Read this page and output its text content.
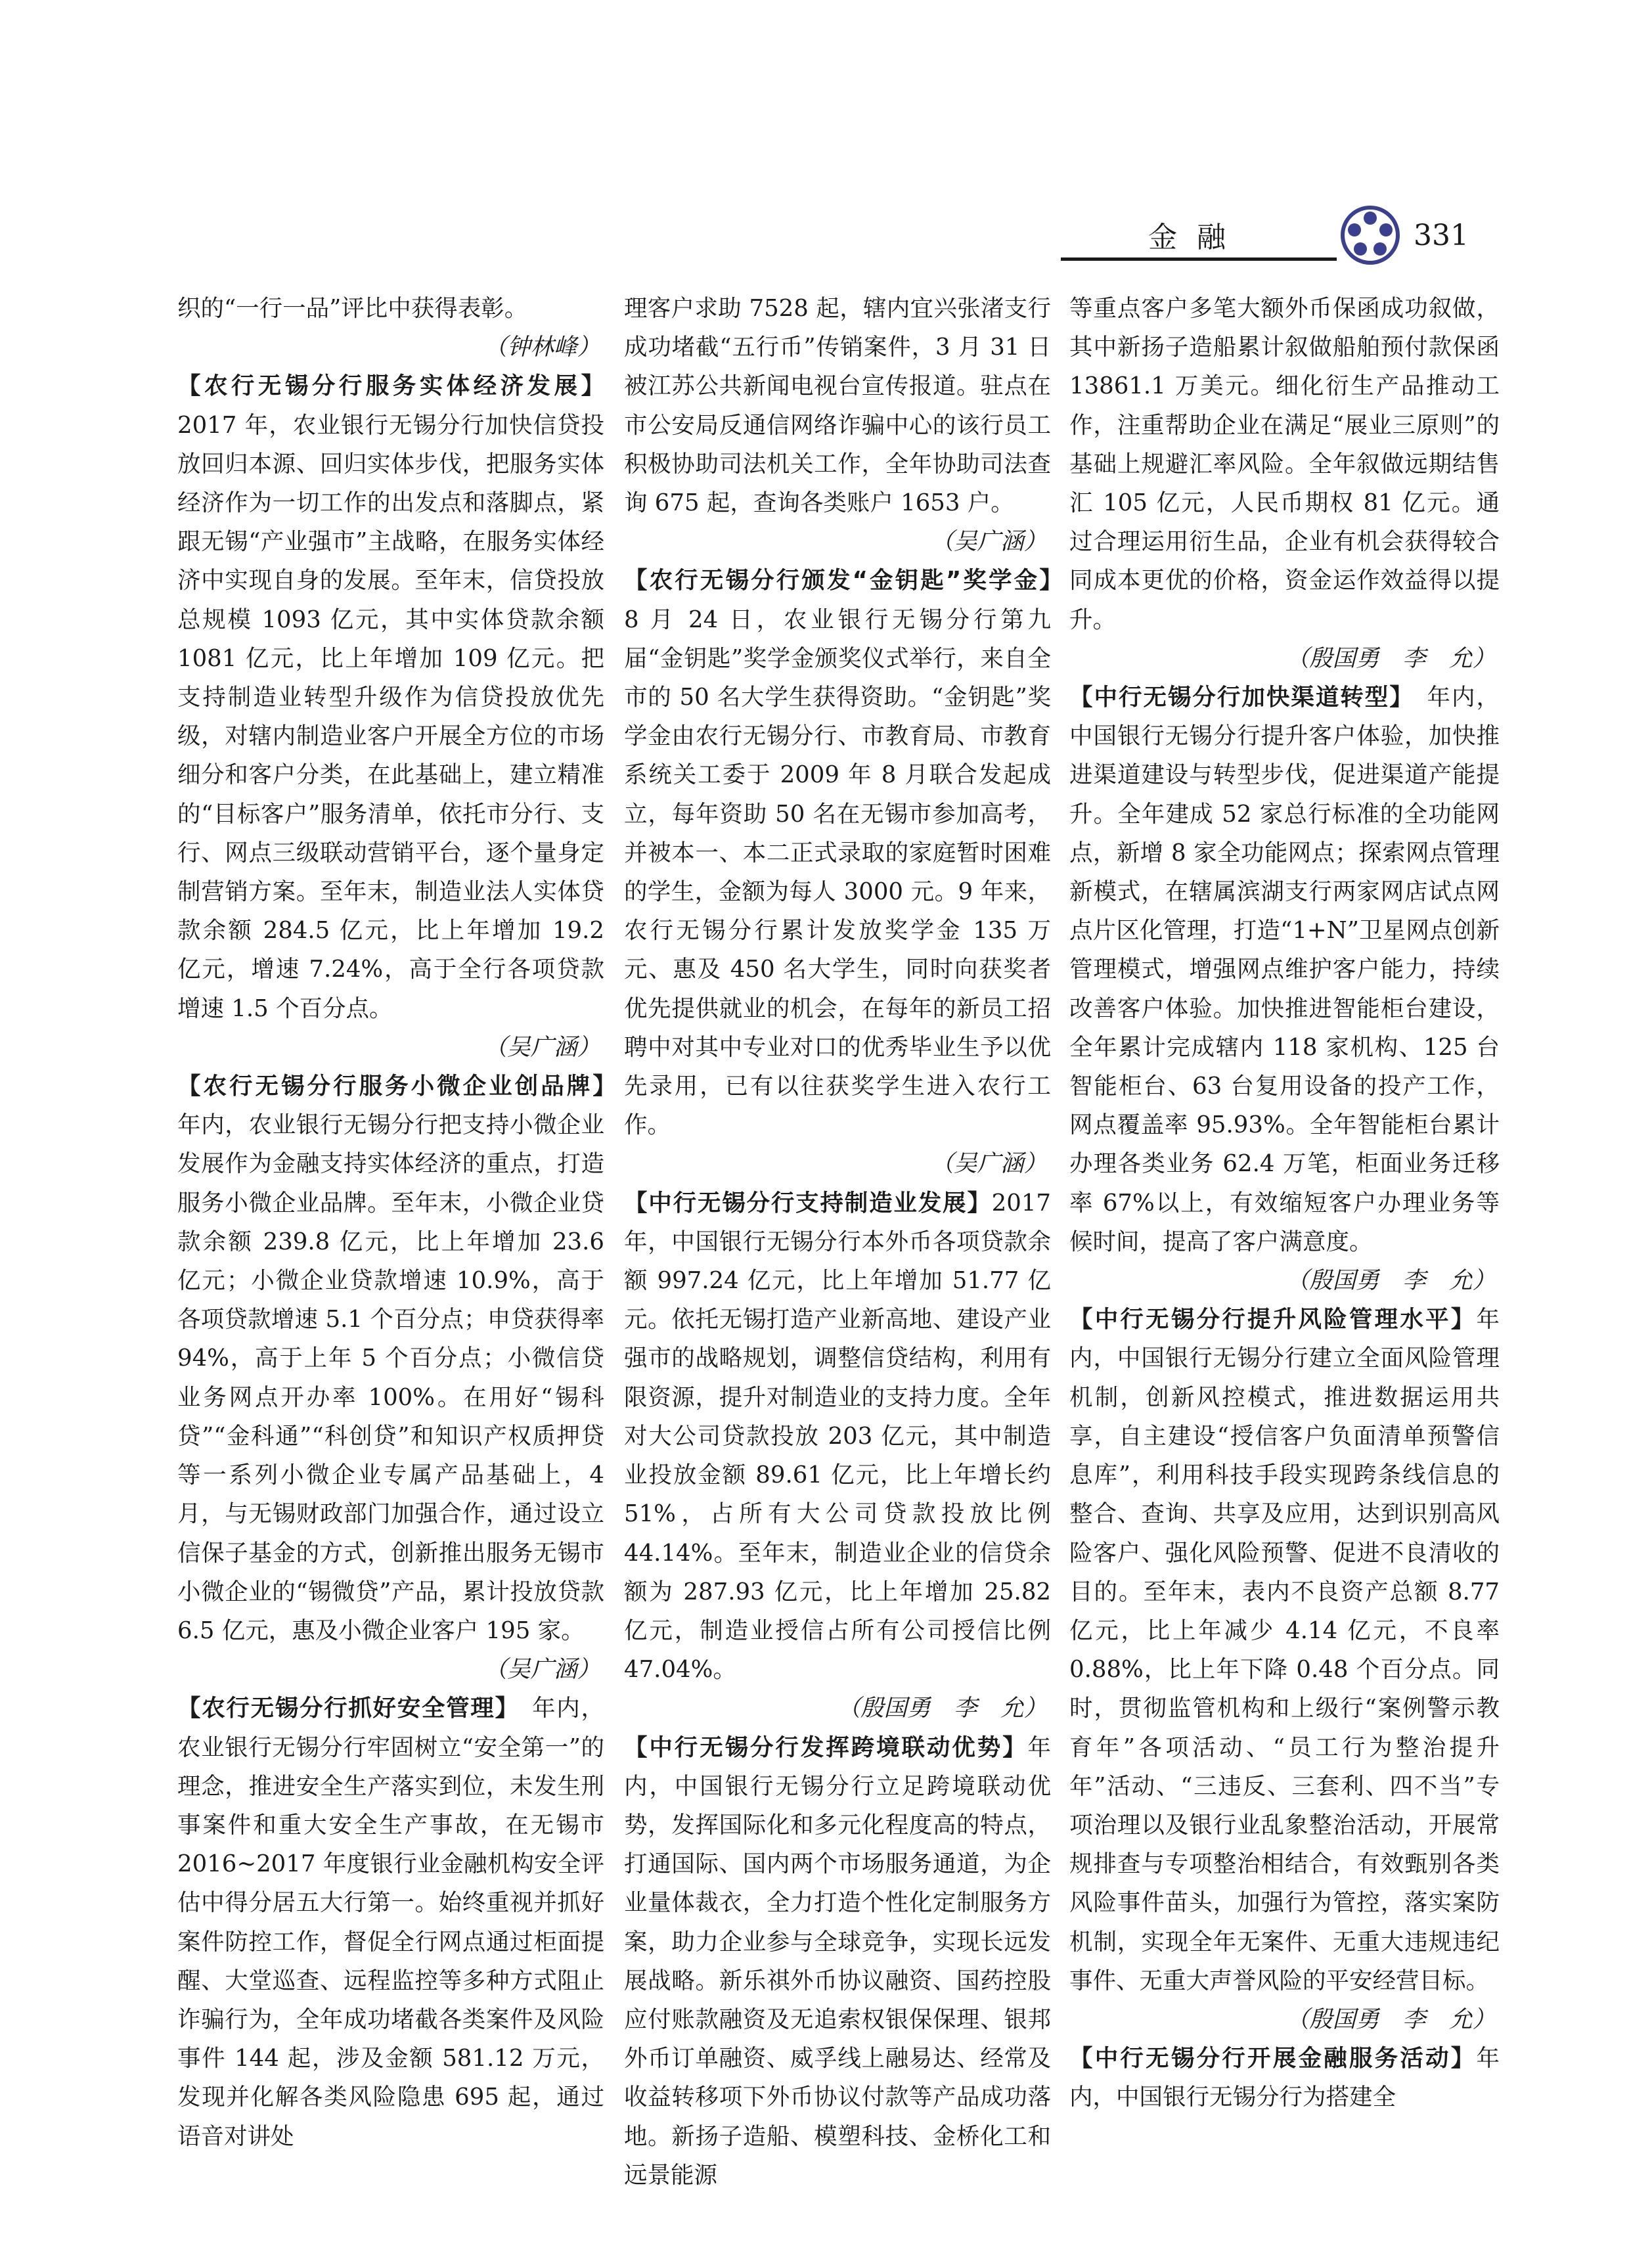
金融	331

织的“一行一品”评比中获得表彰。

（钟林峰）

【农行无锡分行服务实体经济发展】2017 年，农业银行无锡分行加快信贷投放回归本源、回归实体步伐，把服务实体经济作为一切工作的出发点和落脚点，紧跟无锡“产业强市”主战略，在服务实体经济中实现自身的发展。至年末，信贷投放总规模 1093 亿元，其中实体贷款余额 1081 亿元，比上年增加 109 亿元。把支持制造业转型升级作为信贷投放优先级，对辖内制造业客户开展全方位的市场细分和客户分类，在此基础上，建立精准的“目标客户”服务清单，依托市分行、支行、网点三级联动营销平台，逐个量身定制营销方案。至年末，制造业法人实体贷款余额 284.5 亿元，比上年增加 19.2 亿元，增速 7.24%，高于全行各项贷款增速 1.5 个百分点。

（吴广涵）

【农行无锡分行服务小微企业创品牌】　年内，农业银行无锡分行把支持小微企业发展作为金融支持实体经济的重点，打造服务小微企业品牌。至年末，小微企业贷款余额 239.8 亿元，比上年增加 23.6 亿元；小微企业贷款增速 10.9%，高于各项贷款增速 5.1 个百分点；申贷获得率 94%，高于上年 5 个百分点；小微信贷业务网点开办率 100%。在用好“锡科贷”“金科通”“科创贷”和知识产权质押贷等一系列小微企业专属产品基础上，4 月，与无锡财政部门加强合作，通过设立信保子基金的方式，创新推出服务无锡市小微企业的“锡微贷”产品，累计投放贷款 6.5 亿元，惠及小微企业客户 195 家。

（吴广涵）

【农行无锡分行抓好安全管理】　 年内，农业银行无锡分行牢固树立“安全第一”的理念，推进安全生产落实到位，未发生刑事案件和重大安全生产事故，在无锡市 2016~2017 年度银行业金融机构安全评估中得分居五大行第一。始终重视并抓好案件防控工作，督促全行网点通过柜面提醒、大堂巡查、远程监控等多种方式阻止诈骗行为，全年成功堵截各类案件及风险事件 144 起，涉及金额 581.12 万元，发现并化解各类风险隐患 695 起，通过语音对讲处

理客户求助 7528 起，辖内宜兴张渚支行成功堵截“五行币”传销案件，3 月 31 日被江苏公共新闻电视台宣传报道。驻点在市公安局反通信网络诈骗中心的该行员工积极协助司法机关工作，全年协助司法查询 675 起，查询各类账户 1653 户。

（吴广涵）

【农行无锡分行颁发“金钥匙”奖学金】　8 月 24 日，农业银行无锡分行第九届“金钥匙”奖学金颁奖仪式举行，来自全市的 50 名大学生获得资助。“金钥匙”奖学金由农行无锡分行、市教育局、市教育系统关工委于 2009 年 8 月联合发起成立，每年资助 50 名在无锡市参加高考，并被本一、本二正式录取的家庭暂时困难的学生，金额为每人 3000 元。9 年来，农行无锡分行累计发放奖学金 135 万元、惠及 450 名大学生，同时向获奖者优先提供就业的机会，在每年的新员工招聘中对其中专业对口的优秀毕业生予以优先录用，已有以往获奖学生进入农行工作。

（吴广涵）

【中行无锡分行支持制造业发展】2017 年，中国银行无锡分行本外币各项贷款余额 997.24 亿元，比上年增加 51.77 亿元。依托无锡打造产业新高地、建设产业强市的战略规划，调整信贷结构，利用有限资源，提升对制造业的支持力度。全年对大公司贷款投放 203 亿元，其中制造业投放金额 89.61 亿元，比上年增长约 51%，占所有大公司贷款投放比例 44.14%。至年末，制造业企业的信贷余额为 287.93 亿元，比上年增加 25.82 亿元，制造业授信占所有公司授信比例 47.04%。

（殷国勇　李　允）

【中行无锡分行发挥跨境联动优势】年内，中国银行无锡分行立足跨境联动优势，发挥国际化和多元化程度高的特点，打通国际、国内两个市场服务通道，为企业量体裁衣，全力打造个性化定制服务方案，助力企业参与全球竞争，实现长远发展战略。新乐祺外币协议融资、国药控股应付账款融资及无追索权银保保理、银邦外币订单融资、威孚线上融易达、经常及收益转移项下外币协议付款等产品成功落地。新扬子造船、模塑科技、金桥化工和远景能源

等重点客户多笔大额外币保函成功叙做，其中新扬子造船累计叙做船舶预付款保函 13861.1 万美元。细化衍生产品推动工作，注重帮助企业在满足“展业三原则”的基础上规避汇率风险。全年叙做远期结售汇 105 亿元，人民币期权 81 亿元。通过合理运用衍生品，企业有机会获得较合同成本更优的价格，资金运作效益得以提升。

（殷国勇　李　允）

【中行无锡分行加快渠道转型】　 年内，中国银行无锡分行提升客户体验，加快推进渠道建设与转型步伐，促进渠道产能提升。全年建成 52 家总行标准的全功能网点，新增 8 家全功能网点；探索网点管理新模式，在辖属滨湖支行两家网店试点网点片区化管理，打造“1+N”卫星网点创新管理模式，增强网点维护客户能力，持续改善客户体验。加快推进智能柜台建设，全年累计完成辖内 118 家机构、125 台智能柜台、63 台复用设备的投产工作，网点覆盖率 95.93%。全年智能柜台累计办理各类业务 62.4 万笔，柜面业务迁移率 67%以上，有效缩短客户办理业务等候时间，提高了客户满意度。

（殷国勇　李　允）

【中行无锡分行提升风险管理水平】年内，中国银行无锡分行建立全面风险管理机制，创新风控模式，推进数据运用共享，自主建设“授信客户负面清单预警信息库”，利用科技手段实现跨条线信息的整合、查询、共享及应用，达到识别高风险客户、强化风险预警、促进不良清收的目的。至年末，表内不良资产总额 8.77 亿元，比上年减少 4.14 亿元，不良率 0.88%，比上年下降 0.48 个百分点。同时，贯彻监管机构和上级行“案例警示教育年”各项活动、“员工行为整治提升年”活动、“三违反、三套利、四不当”专项治理以及银行业乱象整治活动，开展常规排查与专项整治相结合，有效甄别各类风险事件苗头，加强行为管控，落实案防机制，实现全年无案件、无重大违规违纪事件、无重大声誉风险的平安经营目标。

（殷国勇　李　允）

【中行无锡分行开展金融服务活动】年内，中国银行无锡分行为搭建全
